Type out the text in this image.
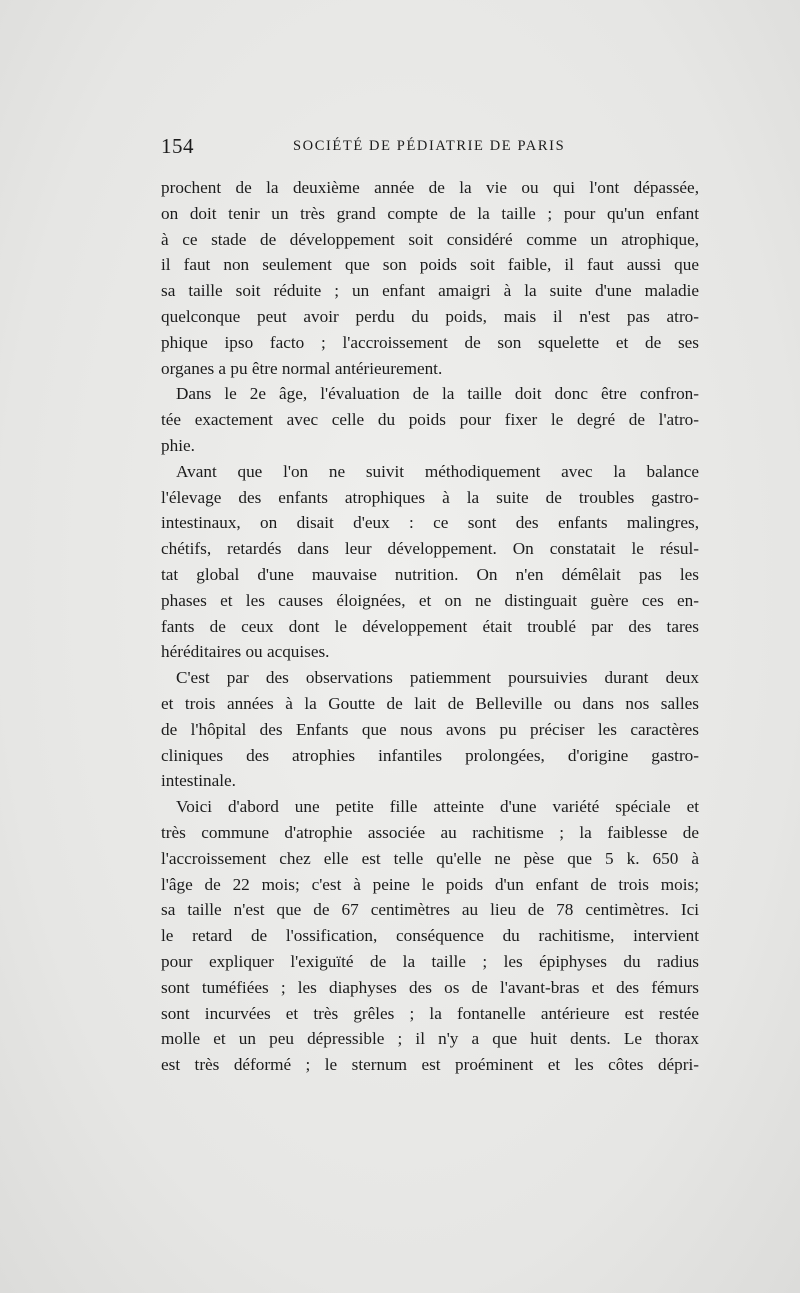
154	SOCIÉTÉ DE PÉDIATRIE DE PARIS
prochent de la deuxième année de la vie ou qui l'ont dépassée,
on doit tenir un très grand compte de la taille ; pour qu'un enfant
à ce stade de développement soit considéré comme un atrophique,
il faut non seulement que son poids soit faible, il faut aussi que
sa taille soit réduite ; un enfant amaigri à la suite d'une maladie
quelconque peut avoir perdu du poids, mais il n'est pas atro-
phique ipso facto ; l'accroissement de son squelette et de ses
organes a pu être normal antérieurement.
Dans le 2e âge, l'évaluation de la taille doit donc être confron-
tée exactement avec celle du poids pour fixer le degré de l'atro-
phie.
Avant que l'on ne suivit méthodiquement avec la balance
l'élevage des enfants atrophiques à la suite de troubles gastro-
intestinaux, on disait d'eux : ce sont des enfants malingres,
chétifs, retardés dans leur développement. On constatait le résul-
tat global d'une mauvaise nutrition. On n'en démêlait pas les
phases et les causes éloignées, et on ne distinguait guère ces en-
fants de ceux dont le développement était troublé par des tares
héréditaires ou acquises.
C'est par des observations patiemment poursuivies durant deux
et trois années à la Goutte de lait de Belleville ou dans nos salles
de l'hôpital des Enfants que nous avons pu préciser les caractères
cliniques des atrophies infantiles prolongées, d'origine gastro-
intestinale.
Voici d'abord une petite fille atteinte d'une variété spéciale et
très commune d'atrophie associée au rachitisme ; la faiblesse de
l'accroissement chez elle est telle qu'elle ne pèse que 5 k. 650 à
l'âge de 22 mois; c'est à peine le poids d'un enfant de trois mois;
sa taille n'est que de 67 centimètres au lieu de 78 centimètres. Ici
le retard de l'ossification, conséquence du rachitisme, intervient
pour expliquer l'exiguïté de la taille ; les épiphyses du radius
sont tuméfiées ; les diaphyses des os de l'avant-bras et des fémurs
sont incurvées et très grêles ; la fontanelle antérieure est restée
molle et un peu dépressible ; il n'y a que huit dents. Le thorax
est très déformé ; le sternum est proéminent et les côtes dépri-
